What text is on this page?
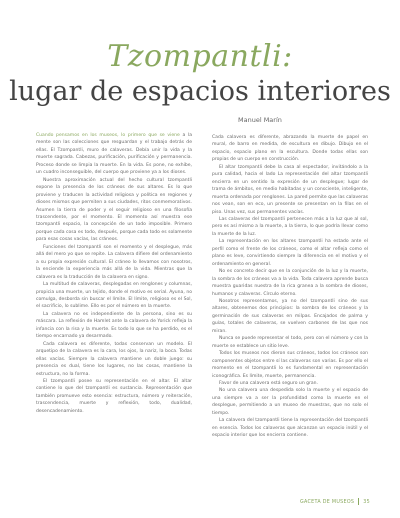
Tzompantli:
lugar de espacios interiores
Manuel Marín

Cuando pensamos en los museos, lo primero que se viene a la mente son las colecciones que resguardan y el trabajo detrás de ellas. El Tzompantli, muro de calaveras. Debía unir la vida y la muerte sagrada. Cabezas, purificación, purificación y permanencia. Proceso donde se limpia la muerte. En la vida. Es pone, no exhibe, un cuadro inconseguible, del cuerpo que proviene ya a los dioses.

Nuestra aproximación actual del hecho cultural tzompantli expone la presencia de los cráneos de sus altares. Es lo que proviene y traducen la actividad religiosa y política en regiones y dioses mismos que permiten a sus ciudades, ritos conmemorativos. Asumen la tierra de poder y el seguir religioso en una filosofía trascendente, por el momento. El momento así muestra ese tzompantli espacio, la concepción de un todo imposible. Primero porque cada cosa es todo, después, porque cada todo es solamente para esas cosas vacías, las cráneos.

Funciones del tzompantli son el momento y el desplegue, más allá del mero yo que se repite. La calavera difiere del ordenamiento a su propia expresión cultural. El cráneo lo llevamos con nosotros, la enciende la experiencia más allá de la vida. Mientras que la calavera es la traducción de la calavera en signo.

La multitud de calaveras, desplegadas en renglones y columnas, propicia una muerte, un tejido, donde el motivo es serial. Ayuna, no comulga, desborda sin buscar el límite. El límite, religioso es el Sol, el sacrificio, lo sublime. Ello es por el número en la muerte.

La calavera no es independiente de la persona, sino es su máscara. La reflexión de Hamlet ante la calavera de Yorick refleja la infancia con la risa y la muerte. Es todo lo que se ha perdido, es el tiempo encarnado ya desarmado.

Cada calavera es diferente, todas conservan un modelo. El arquetipo de la calavera es la cara, los ojos, la nariz, la boca. Todas ellas vacías. Siempre la calavera mantiene un doble juego: su presencia es dual, tiene los lugares, no las cosas, mantiene la estructura, no la forma.

El tzompantli posee su representación en el altar. El altar contiene lo que del tzompantli es sustancia. Representación que también promueve esto esencia: estructura, número y reiteración, trascendencia, muerte y reflexión, todo, dualidad, desencadenamiento.

Cada calavera es diferente, abrazando la muerte de papel en mural, de barro en medida, de escultura en dibujo. Dibujo en el espacio, espacio plano en la escultura. Donde todas ellas son propias de un cuerpo en construcción.

El altar tzompantli debe la casa al espectador, invitándolo a la pura calidad, hacia el lado La representación del altar tzompantli encierra en un sentido la expresión de un desplegue; lugar de trama de ámbitos, en medio habitadas y un consciente, inteligente, muerta ordenada por renglones. La pared permite que las calaveras nos vean, son en eco, un presente se presentan en la filas en el piso. Unas vez, sus permanentes vacías.

Las calaveras del tzompantli pertenecen más a la luz que al sol, pero es así mismo a la muerte, a la tierra, lo que podría llevar como la muerte de la luz.

La representación en los altares tzompantli ha estado ante el perfil como el frente de los cráneos, como el altar refleja como el plano es leve, convirtiendo siempre la diferencia en el motivo y el ordenamiento en general.

No es concreto decir que en la conjunción de la luz y la muerte, la sombra de los cráneos va a la vida. Toda calavera aprende busca muestra guaridas nuestra de la rica granea a la sombra de dioses, humanos y calaveras. Círculo eterno.

Nosotros representamos, ya no del tzompantli sino de sus altares, obtenemos dos principios: la sombra de los cráneos y la germinación de sus calaveras en milpas. Encajados de palma y guías, totales de calaveras, se vuelven carbones de las que nos miran.

Nunca se puede representar el todo, pero con el número y con la muerte se establece un sitio leve.

Todos los museos nos dieron sus cráneos, todos los cráneos son componentes objetos entre sí las calaveras son varias. Es por ello el momento en el tzompantli lo es fundamental en representación iconográfica. Es límite, muerte, permanencia.

Favor de una calavera está seguro un gran.

No una calavera una despedida solo la muerte y el espacio de una siempre va a ser la profundidad como la muerte en el desplegue, permitiendo a un museo de muestras, que no solo el tiempo.

La calavera del tzompantli tiene la representación del tzompantli en esencia. Todos los calaveras que alcanzan un espacio inútil y el espacio interior que los encierra contiene.

GACETA DE MUSEOS 35
